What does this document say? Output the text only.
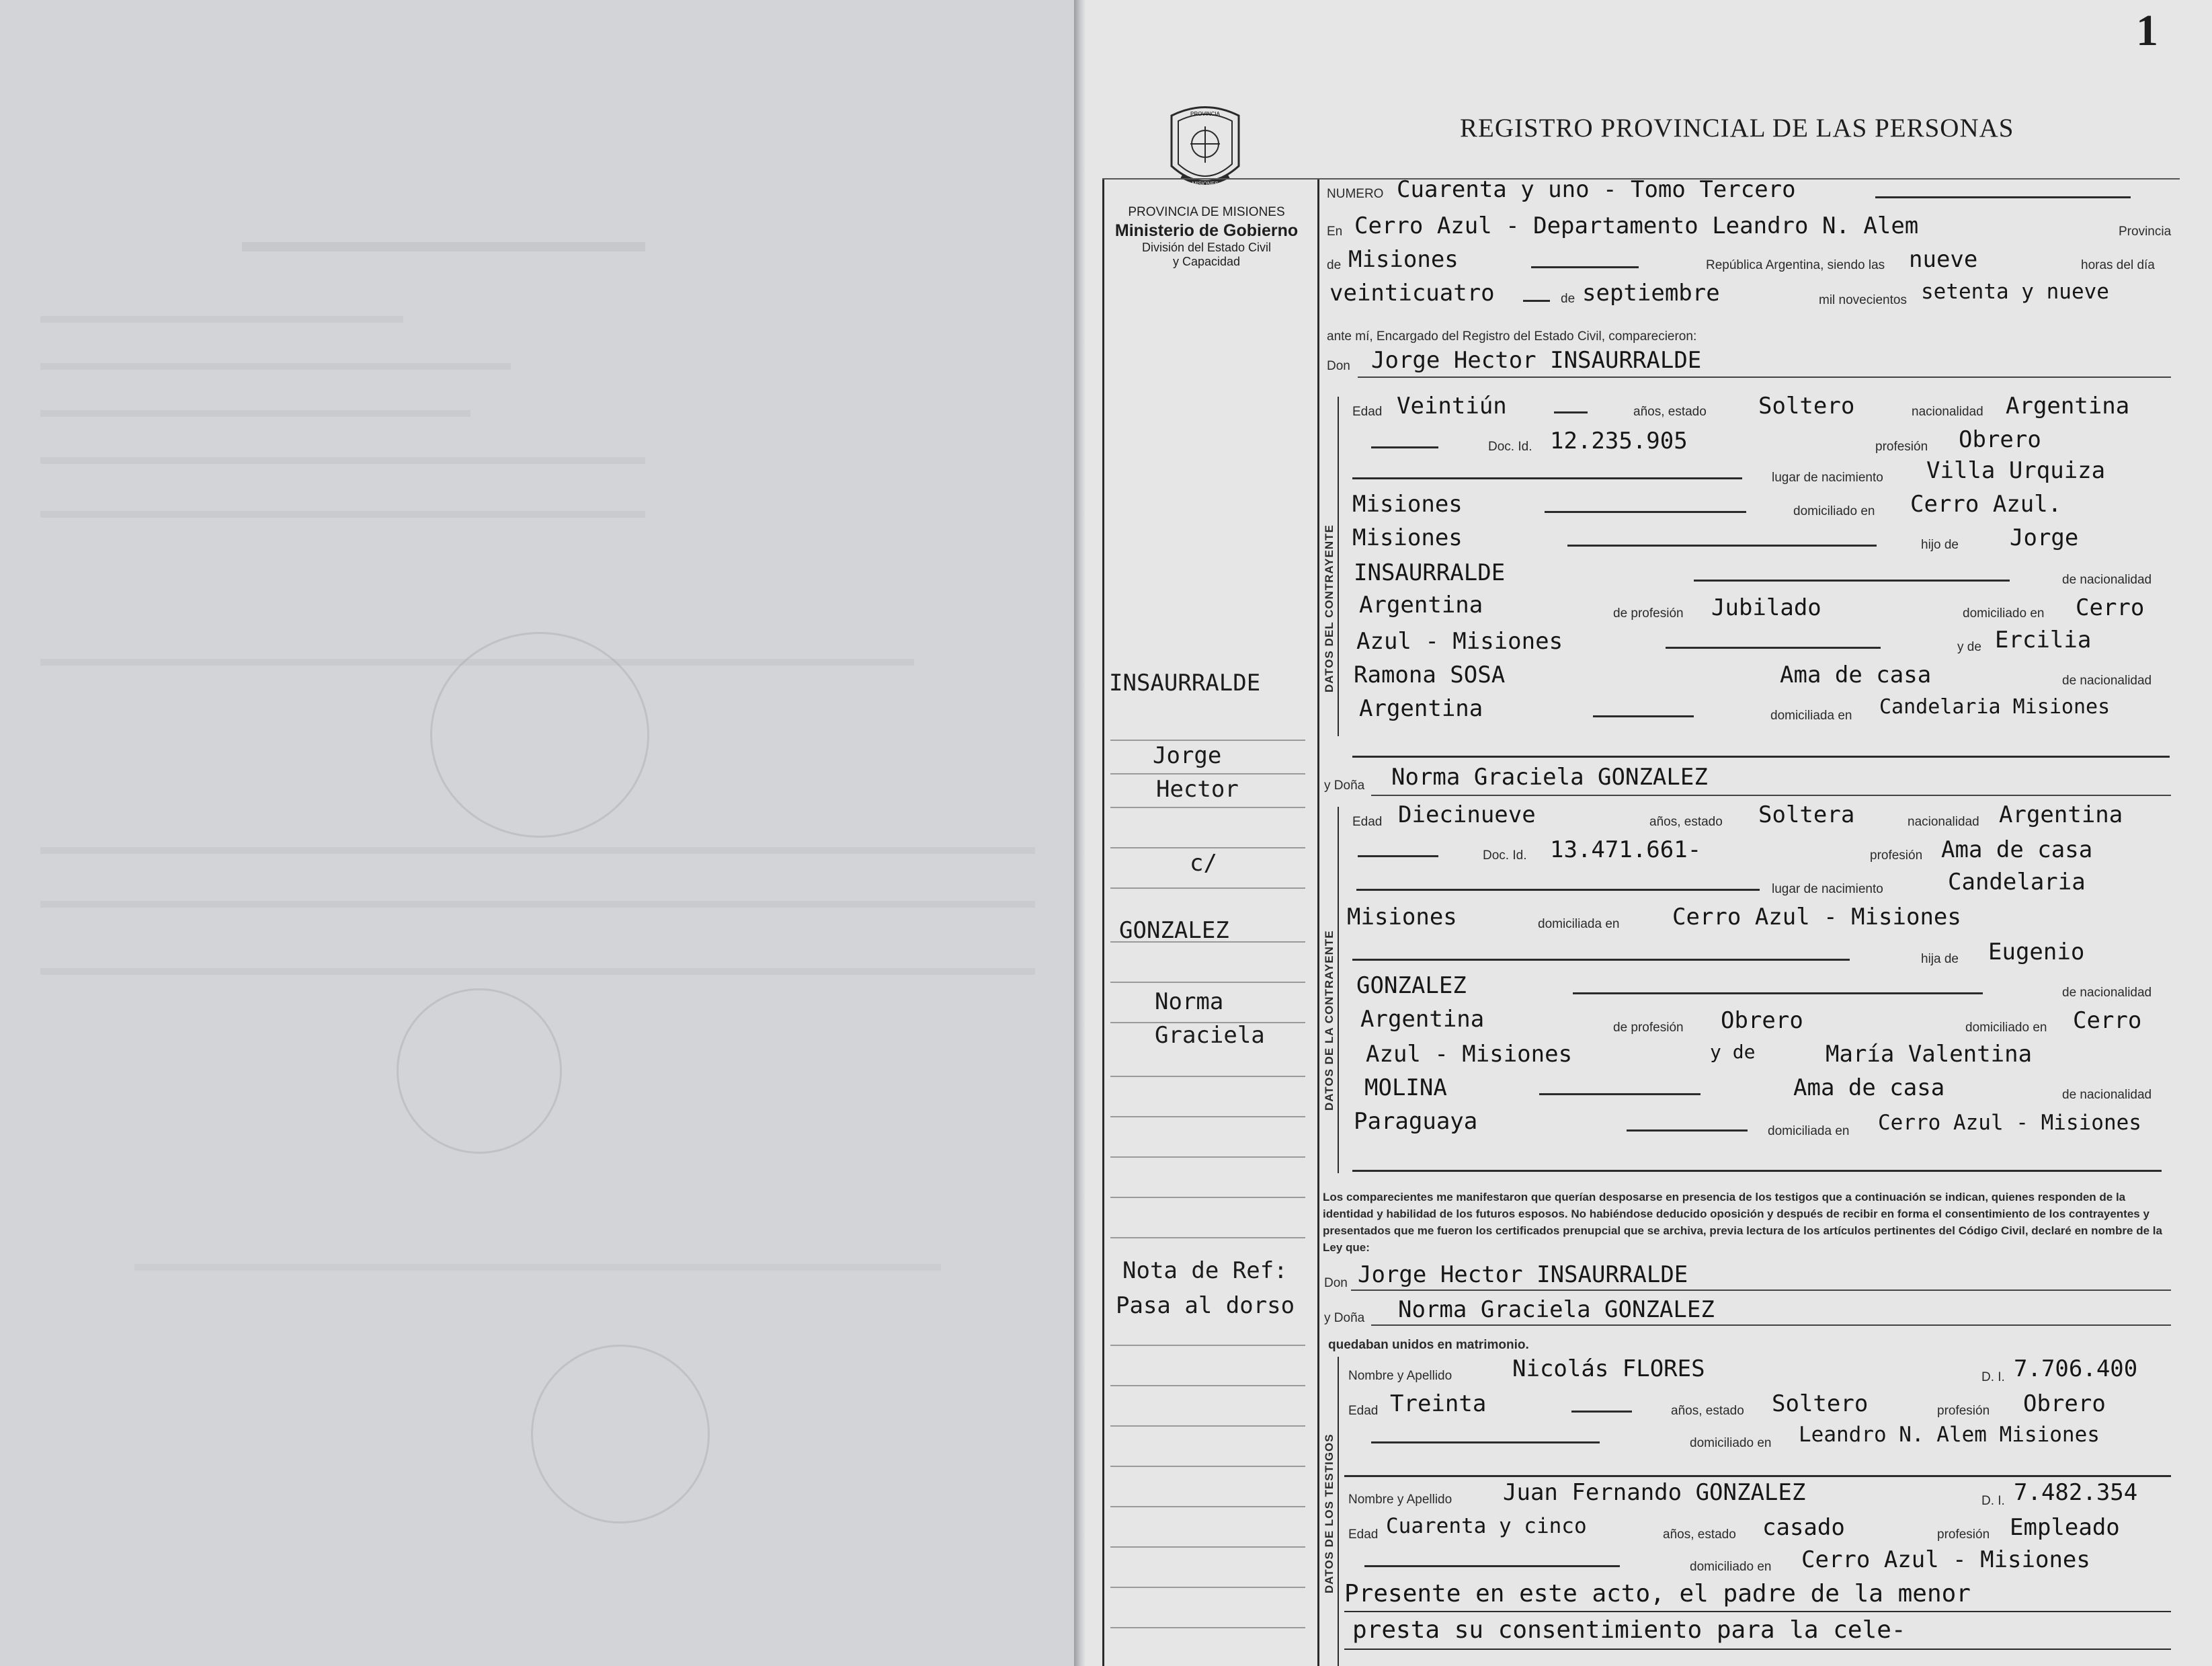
1
REGISTRO PROVINCIAL DE LAS PERSONAS
PROVINCIA
MISIONES
PROVINCIA DE MISIONES
Ministerio de Gobierno
División del Estado Civil
y Capacidad
INSAURRALDE
Jorge
Hector
c/
GONZALEZ
Norma
Graciela
Nota de Ref:
Pasa al dorso
NUMERO Cuarenta y uno - Tomo Tercero
En Cerro Azul - Departamento Leandro N. Alem	Provincia
de Misiones	República Argentina, siendo las nueve	horas del día
veinticuatro	de septiembre	mil novecientos setenta y nueve
ante mí, Encargado del Registro del Estado Civil, comparecieron:
Don Jorge Hector INSAURRALDE
DATOS DEL CONTRAYENTE
Edad Veintiún	años, estado Soltero	nacionalidad Argentina
Doc. Id. 12.235.905	profesión Obrero
lugar de nacimiento Villa Urquiza
Misiones	domiciliado en Cerro Azul.
Misiones	hijo de Jorge
INSAURRALDE	de nacionalidad
Argentina	de profesión Jubilado	domiciliado en Cerro
Azul - Misiones	y de Ercilia
Ramona SOSA	Ama de casa	de nacionalidad
Argentina	domiciliada en Candelaria Misiones
y Doña Norma Graciela GONZALEZ
DATOS DE LA CONTRAYENTE
Edad Diecinueve	años, estado Soltera	nacionalidad Argentina
Doc. Id. 13.471.661-	profesión Ama de casa
lugar de nacimiento	Candelaria
Misiones	domiciliada en Cerro Azul - Misiones
hija de Eugenio
GONZALEZ	de nacionalidad
Argentina	de profesión Obrero	domiciliado en Cerro
Azul - Misiones	y de	María Valentina
MOLINA	Ama de casa	de nacionalidad
Paraguaya	domiciliada en Cerro Azul - Misiones
Los comparecientes me manifestaron que querían desposarse en presencia de los testigos que a continuación se indican, quienes responden de la identidad y habilidad de los futuros esposos. No habiéndose deducido oposición y después de recibir en forma el consentimiento de los contrayentes y presentados que me fueron los certificados prenupcial que se archiva, previa lectura de los artículos pertinentes del Código Civil, declaré en nombre de la Ley que:
Don Jorge Hector INSAURRALDE
y Doña Norma Graciela GONZALEZ
quedaban unidos en matrimonio.
DATOS DE LOS TESTIGOS
Nombre y Apellido	Nicolás FLORES	D. I. 7.706.400
Edad Treinta	años, estado Soltero	profesión Obrero
domiciliado en Leandro N. Alem Misiones
Nombre y Apellido Juan Fernando GONZALEZ	D. I. 7.482.354
Edad Cuarenta y cinco	años, estado casado	profesión Empleado
domiciliado en Cerro Azul - Misiones
Presente en este acto, el padre de la menor
presta su consentimiento para la cele-
